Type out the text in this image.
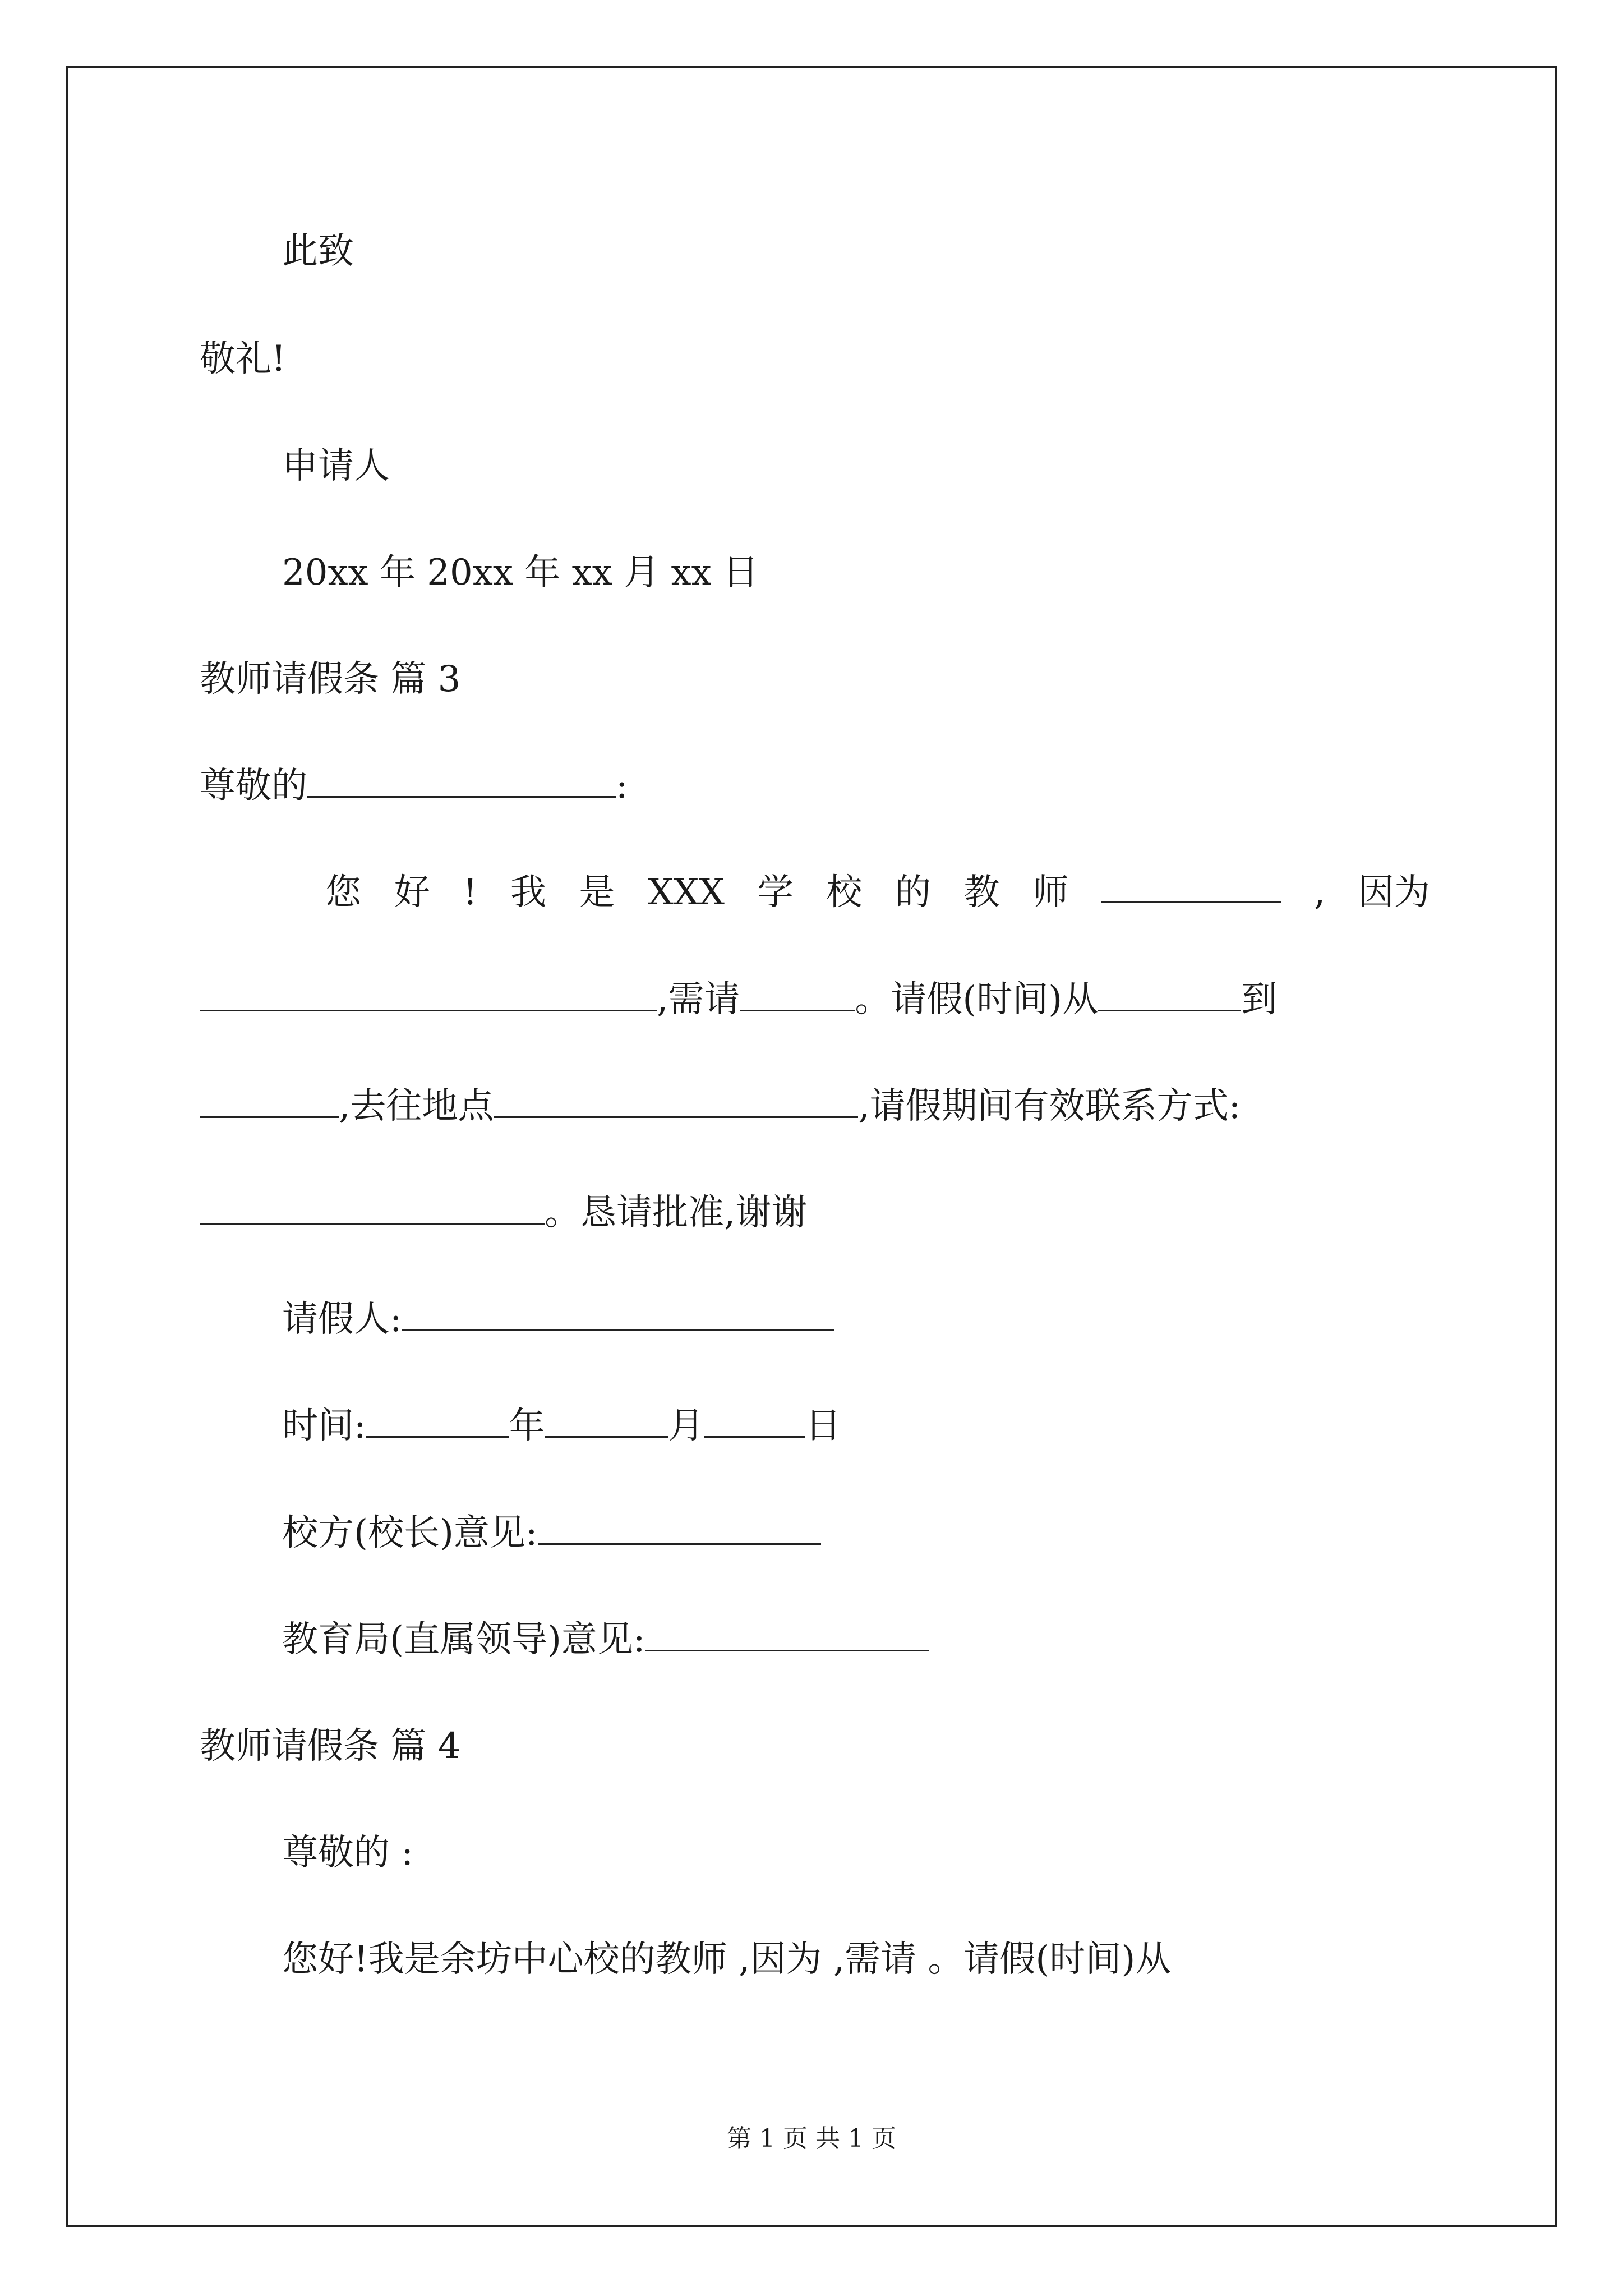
此致

敬礼!

申请人

20xx 年 20xx 年 xx 月 xx 日

教师请假条 篇 3

尊敬的	:

您 好 ! 我 是 XXX 学 校 的 教 师	, 因为

,需请	。请假(时间)从	到

,去往地点	,请假期间有效联系方式:

。恳请批准,谢谢

请假人:

时间:	年	月	日

校方(校长)意见:

教育局(直属领导)意见:

教师请假条 篇 4

尊敬的 :

您好!我是余坊中心校的教师 ,因为 ,需请 。请假(时间)从

第 1 页 共 1 页
